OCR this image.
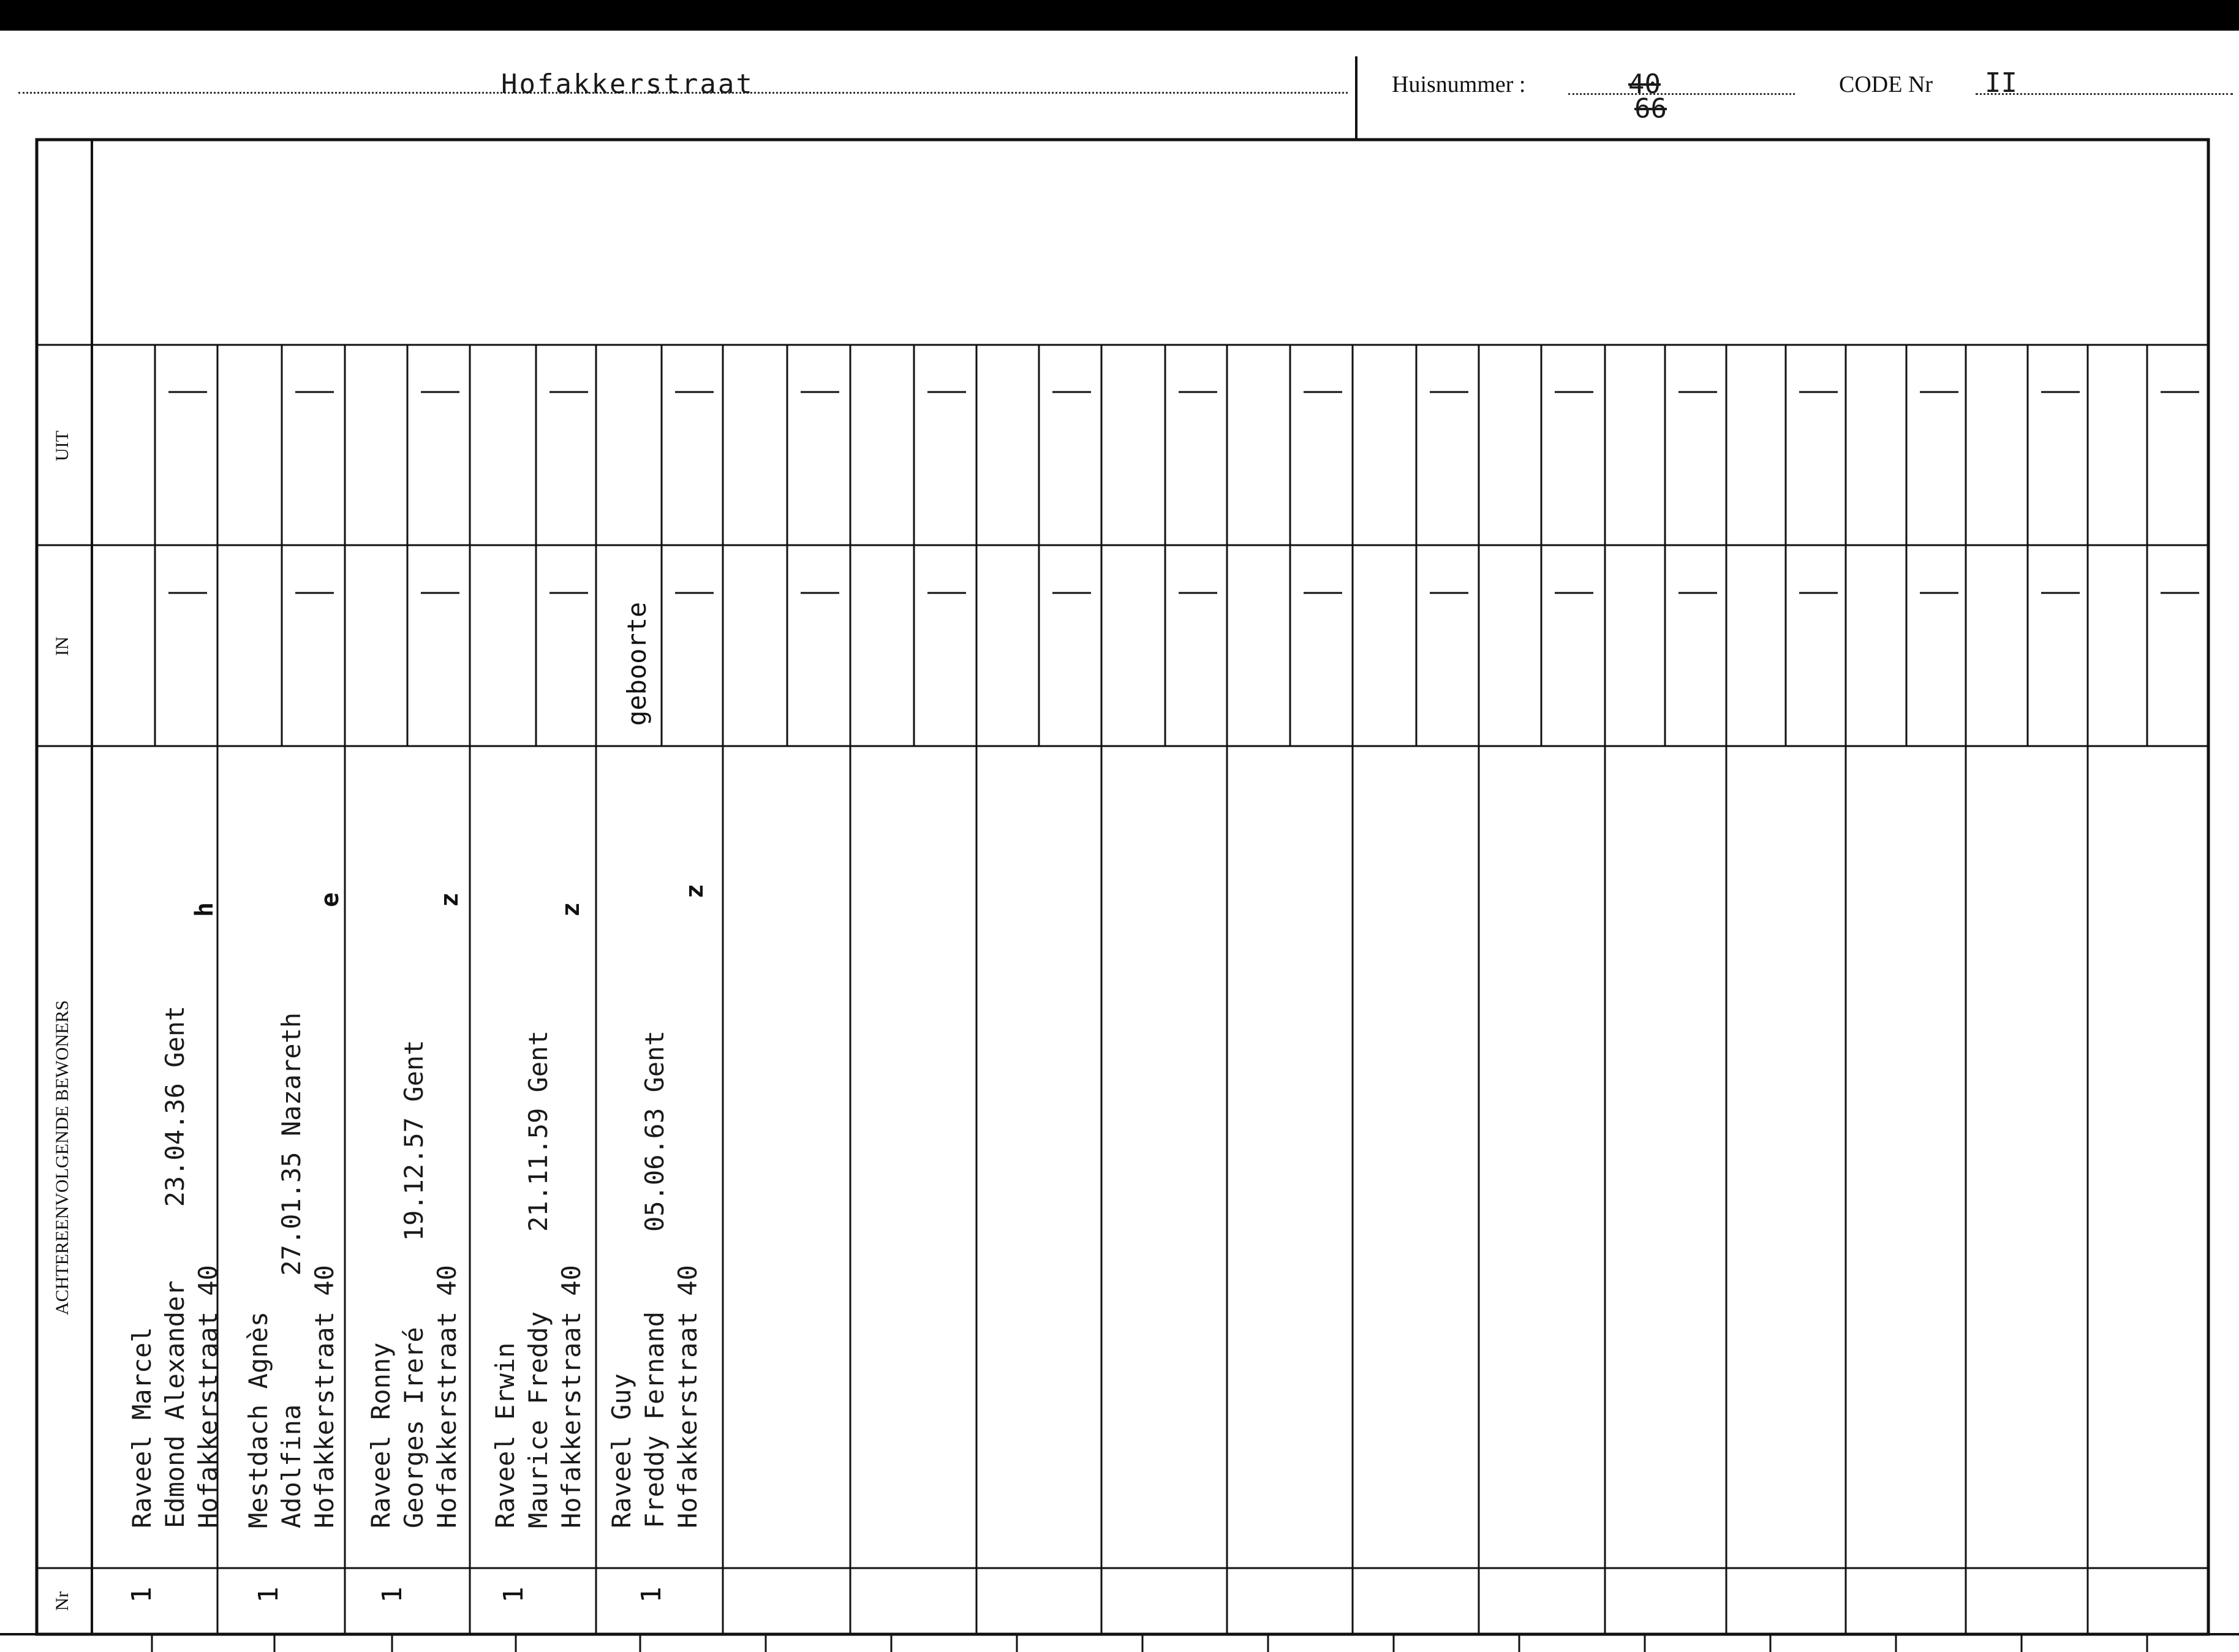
Hofakkerstraat	Huisnummer :	40
66
CODE Nr II
UIT
IN
ACHTEREENVOLGENDE BEWONERS
Nr
geboorte
Raveel Marcel Edmond Alexander23.04.36 Gent
Hofakkerstraat 40
h
1
Mestdach Agnès Adolfina27.01.35 Nazareth
Hofakkerstraat 40
e
1
Raveel Ronny Georges Ireré19.12.57 Gent
Hofakkerstraat 40
z
1
Raveel Erwin Maurice Freddy21.11.59 Gent
Hofakkerstraat 40
z
1
Raveel Guy Freddy Fernand05.06.63 Gent
Hofakkerstraat 40
z
1
